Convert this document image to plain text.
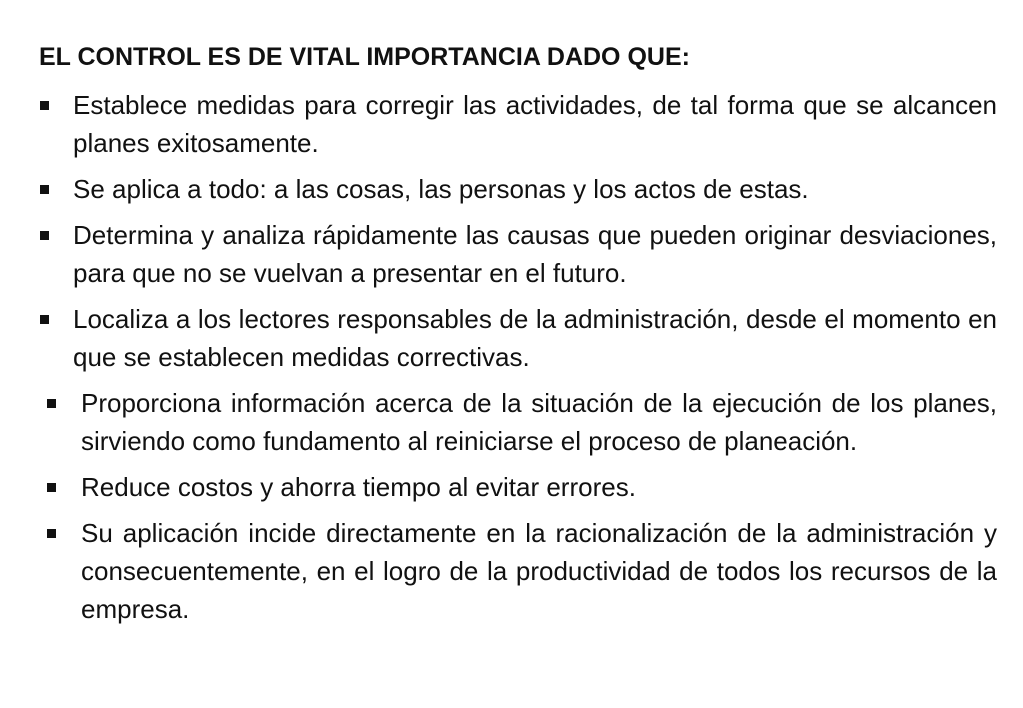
EL CONTROL ES DE VITAL IMPORTANCIA DADO QUE:
Establece medidas para corregir las actividades, de tal forma que se alcancen planes exitosamente.
Se aplica a todo: a las cosas, las personas y los actos de estas.
Determina y analiza rápidamente las causas que pueden originar desviaciones, para que no se vuelvan a presentar en el futuro.
Localiza a los lectores responsables de la administración, desde el momento en que se establecen medidas correctivas.
Proporciona información acerca de la situación de la ejecución de los planes, sirviendo como fundamento al reiniciarse el proceso de planeación.
Reduce costos y ahorra tiempo al evitar errores.
Su aplicación incide directamente en la racionalización de la administración y consecuentemente, en el logro de la productividad de todos los recursos de la empresa.
